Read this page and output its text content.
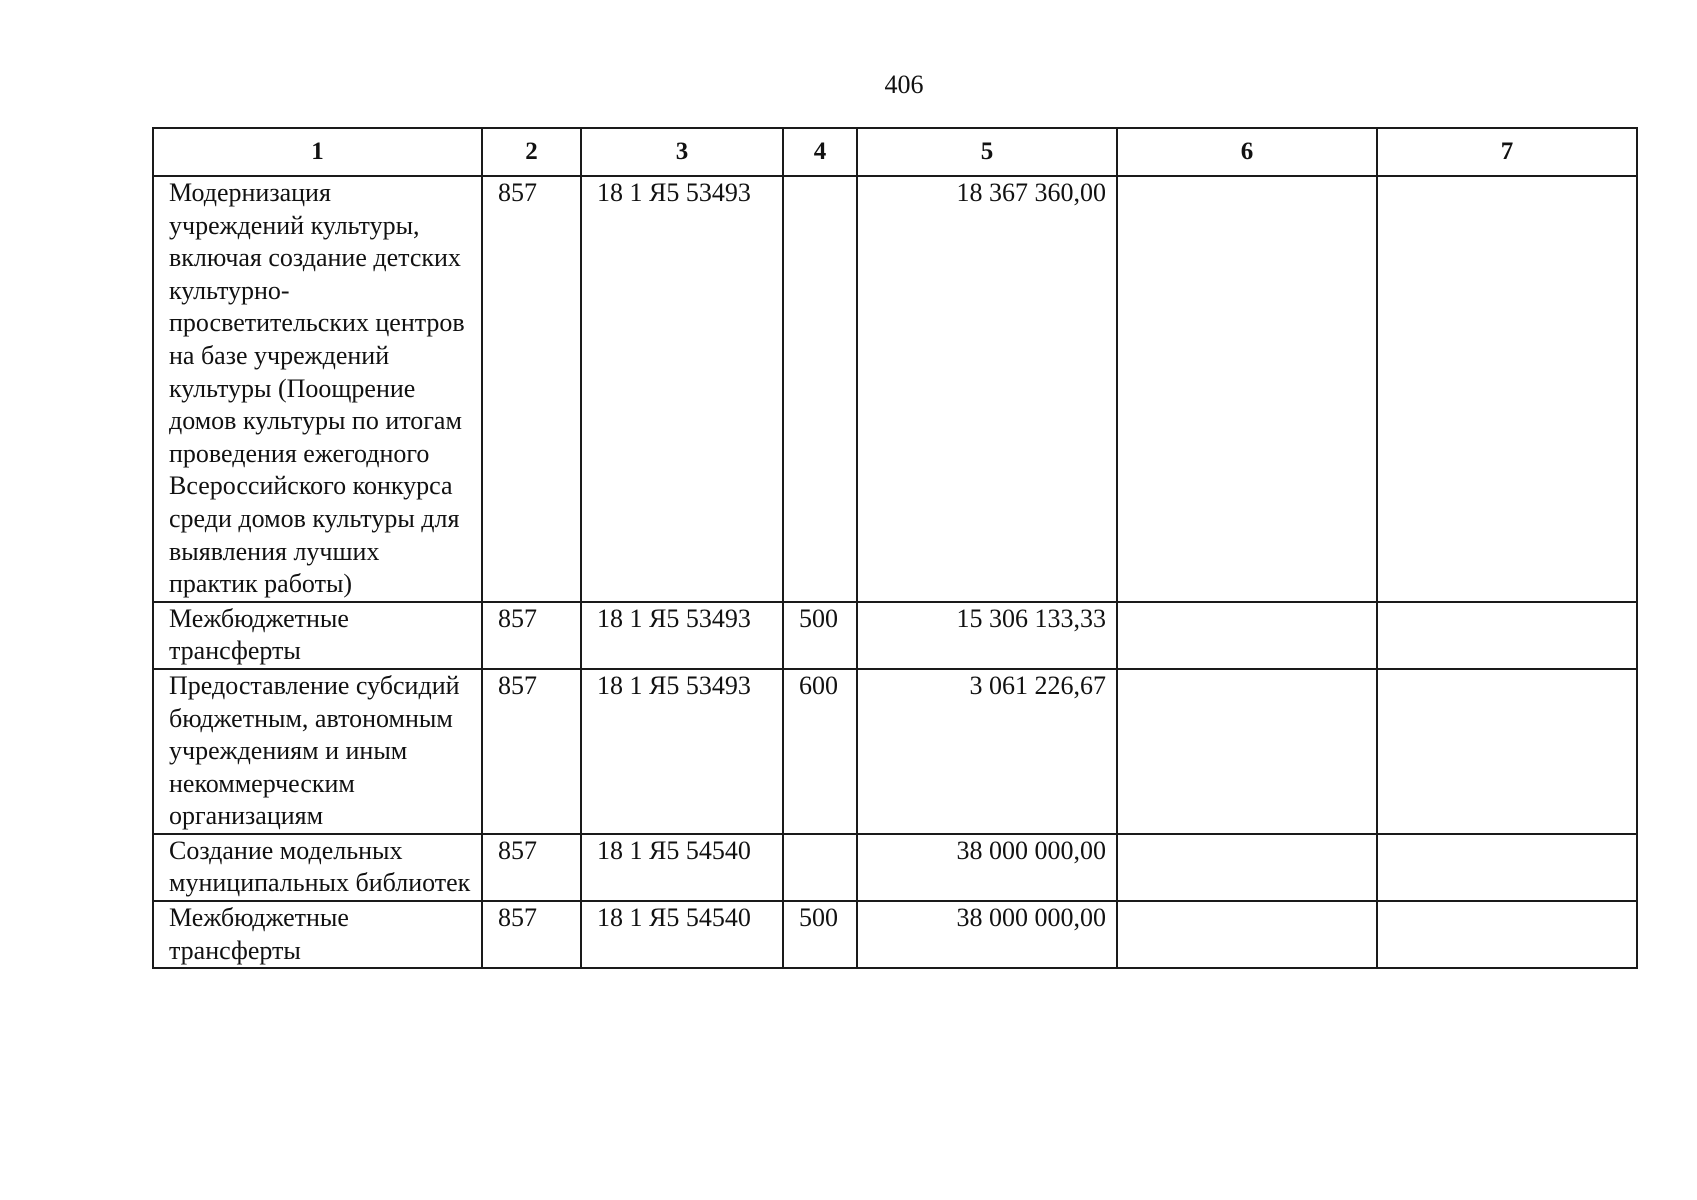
406
1	2	3	4	5	6	7
Модернизация учреждений культуры, включая создание детских культурно-просветительских центров на базе учреждений культуры (Поощрение домов культуры по итогам проведения ежегодного Всероссийского конкурса среди домов культуры для выявления лучших практик работы)	857	18 1 Я5 53493		18 367 360,00		
Межбюджетные трансферты	857	18 1 Я5 53493	500	15 306 133,33		
Предоставление субсидий бюджетным, автономным учреждениям и иным некоммерческим организациям	857	18 1 Я5 53493	600	3 061 226,67		
Создание модельных муниципальных библиотек	857	18 1 Я5 54540		38 000 000,00		
Межбюджетные трансферты	857	18 1 Я5 54540	500	38 000 000,00		
